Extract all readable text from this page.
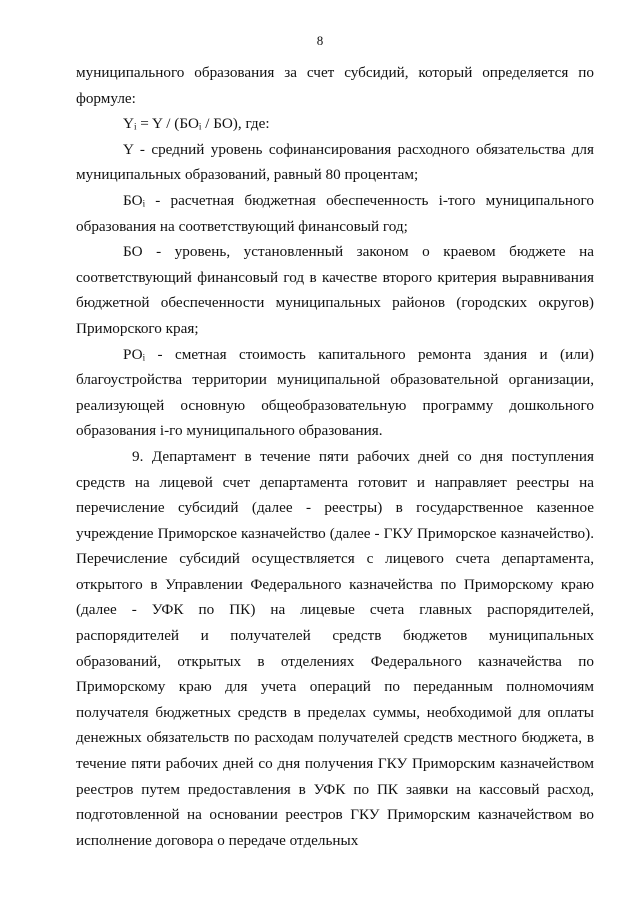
8

муниципального образования за счет субсидий, который определяется по формуле:

Yᵢ = Y / (БОᵢ / БО), где:

Y - средний уровень софинансирования расходного обязательства для муниципальных образований, равный 80 процентам;

БОᵢ - расчетная бюджетная обеспеченность i-того муниципального образования на соответствующий финансовый год;

БО - уровень, установленный законом о краевом бюджете на соответствующий финансовый год в качестве второго критерия выравнивания бюджетной обеспеченности муниципальных районов (городских округов) Приморского края;

РОᵢ - сметная стоимость капитального ремонта здания и (или) благоустройства территории муниципальной образовательной организации, реализующей основную общеобразовательную программу дошкольного образования i-го муниципального образования.

9. Департамент в течение пяти рабочих дней со дня поступления средств на лицевой счет департамента готовит и направляет реестры на перечисление субсидий (далее - реестры) в государственное казенное учреждение Приморское казначейство (далее - ГКУ Приморское казначейство). Перечисление субсидий осуществляется с лицевого счета департамента, открытого в Управлении Федерального казначейства по Приморскому краю (далее - УФК по ПК) на лицевые счета главных распорядителей, распорядителей и получателей средств бюджетов муниципальных образований, открытых в отделениях Федерального казначейства по Приморскому краю для учета операций по переданным полномочиям получателя бюджетных средств в пределах суммы, необходимой для оплаты денежных обязательств по расходам получателей средств местного бюджета, в течение пяти рабочих дней со дня получения ГКУ Приморским казначейством реестров путем предоставления в УФК по ПК заявки на кассовый расход, подготовленной на основании реестров ГКУ Приморским казначейством во исполнение договора о передаче отдельных
